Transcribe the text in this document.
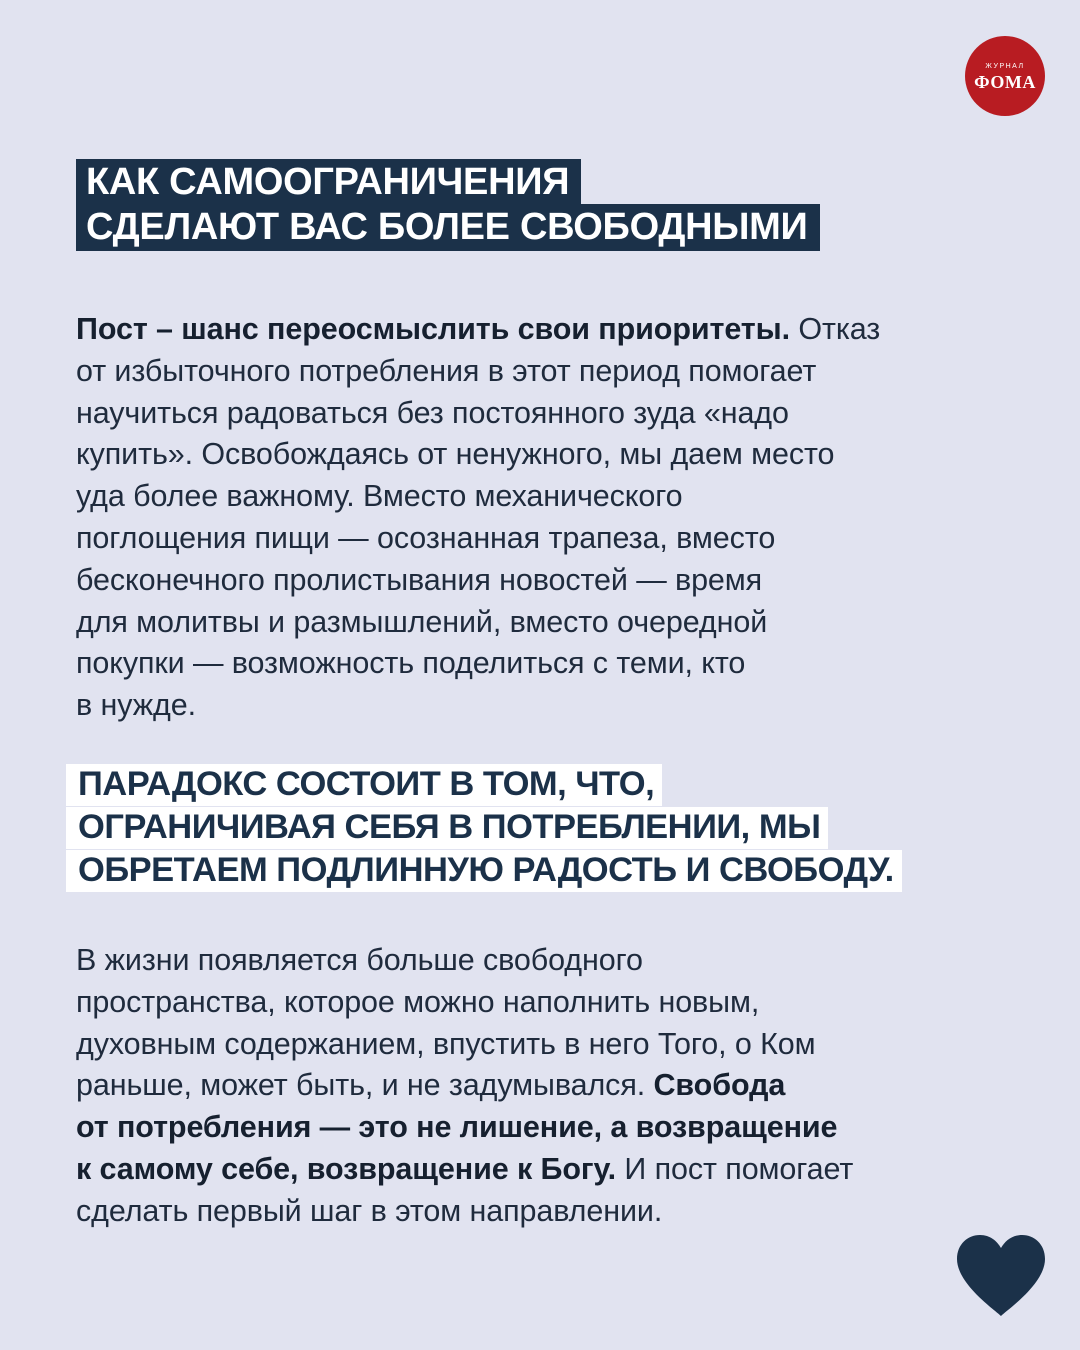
ЖУРНАЛ
ФОМА
КАК САМООГРАНИЧЕНИЯ
СДЕЛАЮТ ВАС БОЛЕЕ СВОБОДНЫМИ

Пост – шанс переосмыслить свои приоритеты. Отказ
от избыточного потребления в этот период помогает
научиться радоваться без постоянного зуда «надо
купить». Освобождаясь от ненужного, мы даем место
уда более важному. Вместо механического
поглощения пищи — осознанная трапеза, вместо
бесконечного пролистывания новостей — время
для молитвы и размышлений, вместо очередной
покупки — возможность поделиться с теми, кто
в нужде.

ПАРАДОКС СОСТОИТ В ТОМ, ЧТО,
ОГРАНИЧИВАЯ СЕБЯ В ПОТРЕБЛЕНИИ, МЫ
ОБРЕТАЕМ ПОДЛИННУЮ РАДОСТЬ И СВОБОДУ.

В жизни появляется больше свободного
пространства, которое можно наполнить новым,
духовным содержанием, впустить в него Того, о Ком
раньше, может быть, и не задумывался. Свобода
от потребления — это не лишение, а возвращение
к самому себе, возвращение к Богу. И пост помогает
сделать первый шаг в этом направлении.
